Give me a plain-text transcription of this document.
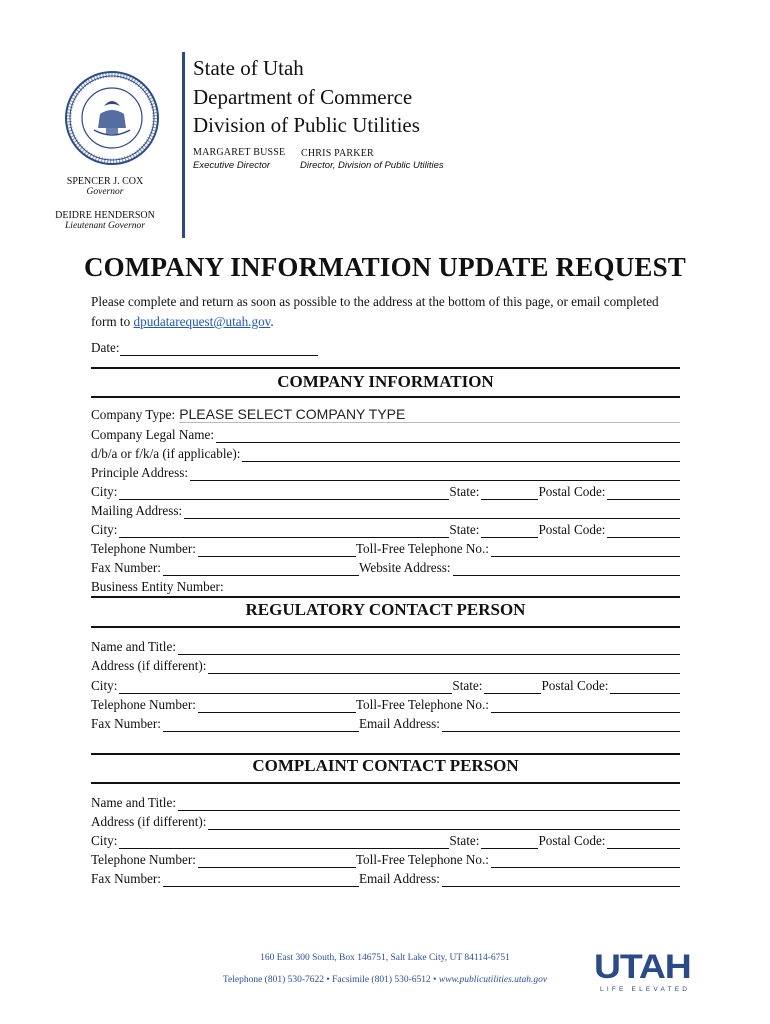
State of Utah
Department of Commerce
Division of Public Utilities
MARGARET BUSSE
Executive Director
CHRIS PARKER
Director, Division of Public Utilities
SPENCER J. COX
Governor
DEIDRE HENDERSON
Lieutenant Governor
COMPANY INFORMATION UPDATE REQUEST
Please complete and return as soon as possible to the address at the bottom of this page, or email completed form to dpudatarequest@utah.gov.
Date:
COMPANY INFORMATION
Company Type: PLEASE SELECT COMPANY TYPE
Company Legal Name:
d/b/a or f/k/a (if applicable):
Principle Address:
City:	State:	Postal Code:
Mailing Address:
City:	State:	Postal Code:
Telephone Number:	Toll-Free Telephone No.:
Fax Number:	Website Address:
Business Entity Number:
REGULATORY CONTACT PERSON
Name and Title:
Address (if different):
City:	State:	Postal Code:
Telephone Number:	Toll-Free Telephone No.:
Fax Number:	Email Address:
COMPLAINT CONTACT PERSON
Name and Title:
Address (if different):
City:	State:	Postal Code:
Telephone Number:	Toll-Free Telephone No.:
Fax Number:	Email Address:
160 East 300 South, Box 146751, Salt Lake City, UT 84114-6751
Telephone (801) 530-7622 • Facsimile (801) 530-6512 • www.publicutilities.utah.gov	UTAH
LIFE ELEVATED
